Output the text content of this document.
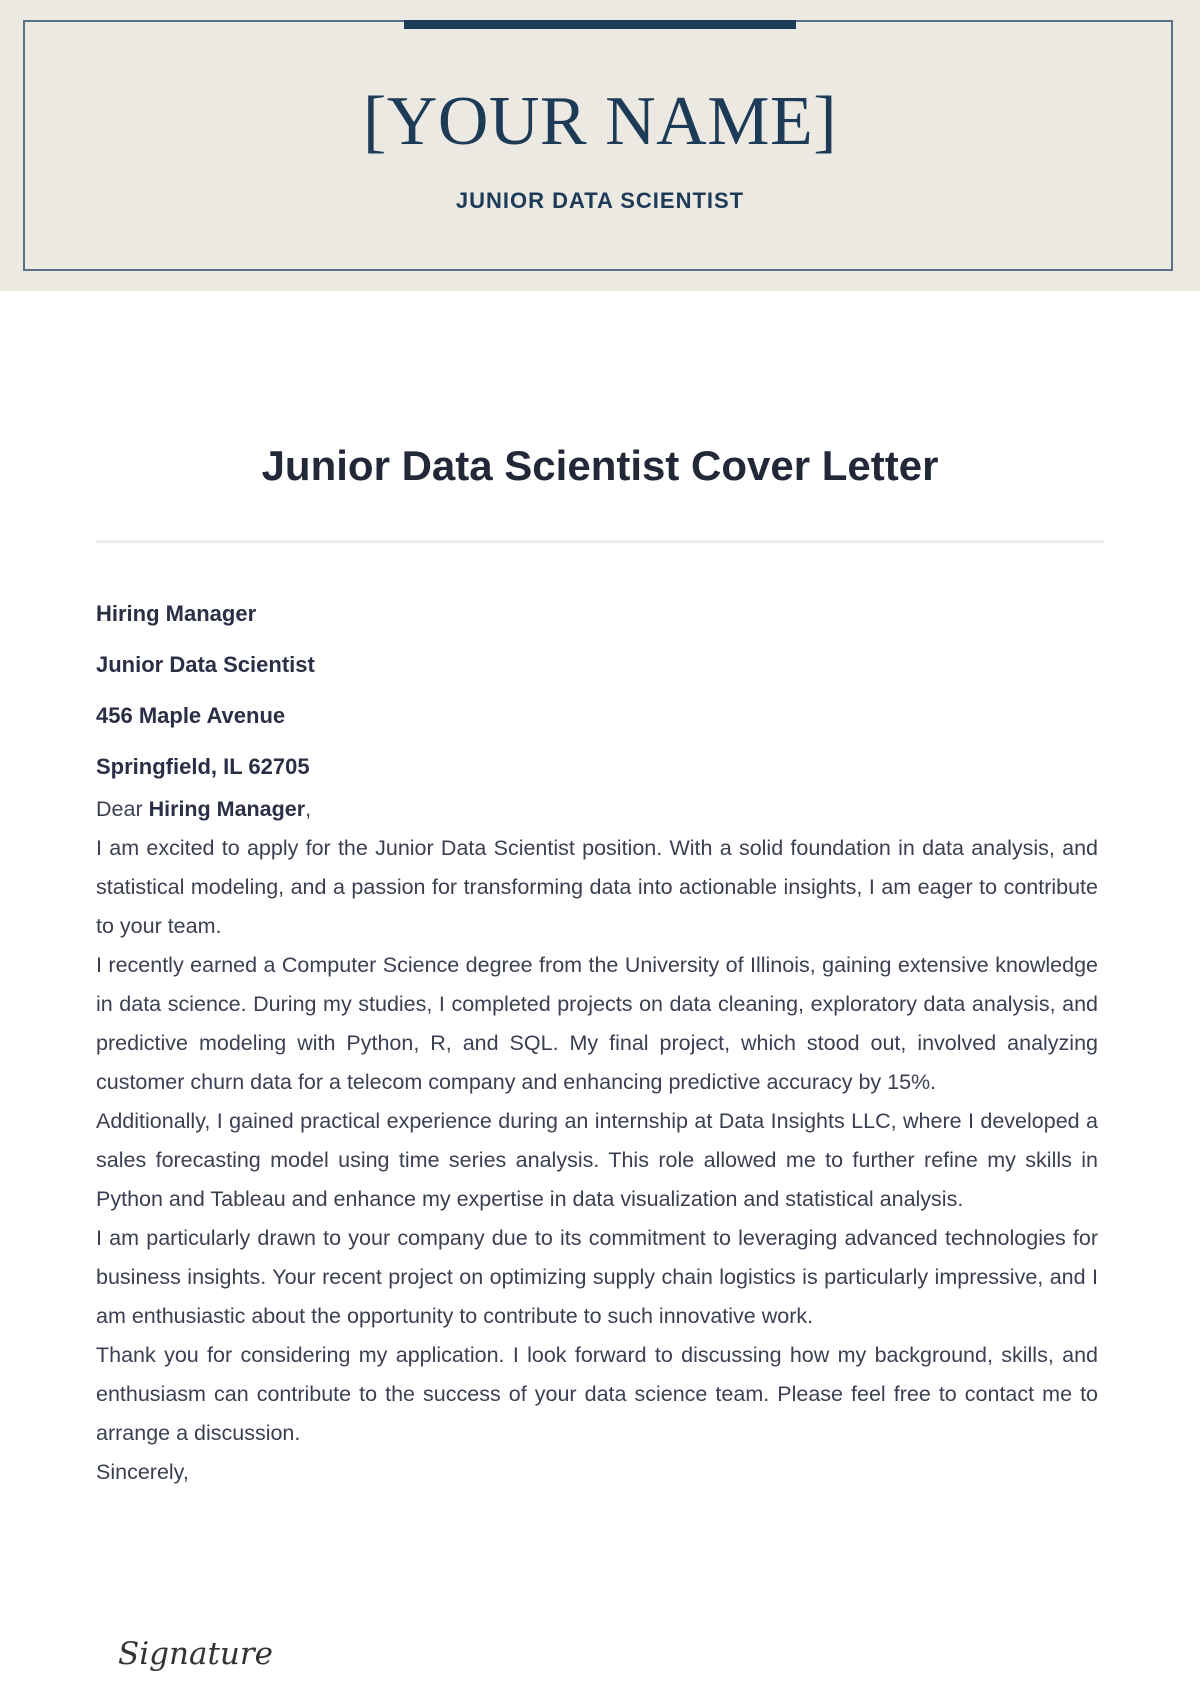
[YOUR NAME]
JUNIOR DATA SCIENTIST
Junior Data Scientist Cover Letter
Hiring Manager
Junior Data Scientist
456 Maple Avenue
Springfield, IL 62705

Dear Hiring Manager,

I am excited to apply for the Junior Data Scientist position. With a solid foundation in data analysis, and statistical modeling, and a passion for transforming data into actionable insights, I am eager to contribute to your team.

I recently earned a Computer Science degree from the University of Illinois, gaining extensive knowledge in data science. During my studies, I completed projects on data cleaning, exploratory data analysis, and predictive modeling with Python, R, and SQL. My final project, which stood out, involved analyzing customer churn data for a telecom company and enhancing predictive accuracy by 15%.

Additionally, I gained practical experience during an internship at Data Insights LLC, where I developed a sales forecasting model using time series analysis. This role allowed me to further refine my skills in Python and Tableau and enhance my expertise in data visualization and statistical analysis.

I am particularly drawn to your company due to its commitment to leveraging advanced technologies for business insights. Your recent project on optimizing supply chain logistics is particularly impressive, and I am enthusiastic about the opportunity to contribute to such innovative work.

Thank you for considering my application. I look forward to discussing how my background, skills, and enthusiasm can contribute to the success of your data science team. Please feel free to contact me to arrange a discussion.

Sincerely,

Signature
